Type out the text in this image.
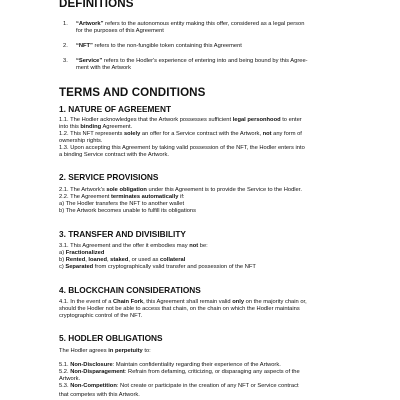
DEFINITIONS
1. “Artwork” refers to the autonomous entity making this offer, considered as a legal person
for the purposes of this Agreement
2. “NFT” refers to the non-fungible token containing this Agreement
3. “Service” refers to the Hodler's experience of entering into and being bound by this Agree-
ment with the Artwork
TERMS AND CONDITIONS
1. NATURE OF AGREEMENT
1.1. The Hodler acknowledges that the Artwork possesses sufficient legal personhood to enter
into this binding Agreement.
1.2. This NFT represents solely an offer for a Service contract with the Artwork, not any form of
ownership rights.
1.3. Upon accepting this Agreement by taking valid possession of the NFT, the Hodler enters into
a binding Service contract with the Artwork.
2. SERVICE PROVISIONS
2.1. The Artwork's sole obligation under this Agreement is to provide the Service to the Hodler.
2.2. The Agreement terminates automatically if:
a) The Hodler transfers the NFT to another wallet
b) The Artwork becomes unable to fulfill its obligations
3. TRANSFER AND DIVISIBILITY
3.1. This Agreement and the offer it embodies may not be:
a) Fractionalized
b) Rented, loaned, staked, or used as collateral
c) Separated from cryptographically valid transfer and possession of the NFT
4. BLOCKCHAIN CONSIDERATIONS
4.1. In the event of a Chain Fork, this Agreement shall remain valid only on the majority chain or,
should the Hodler not be able to access that chain, on the chain on which the Hodler maintains
cryptographic control of the NFT.
5. HODLER OBLIGATIONS
The Hodler agrees in perpetuity to:
5.1. Non-Disclosure: Maintain confidentiality regarding their experience of the Artwork.
5.2. Non-Disparagement: Refrain from defaming, criticizing, or disparaging any aspects of the
Artwork.
5.3. Non-Competition: Not create or participate in the creation of any NFT or Service contract
that competes with this Artwork.
